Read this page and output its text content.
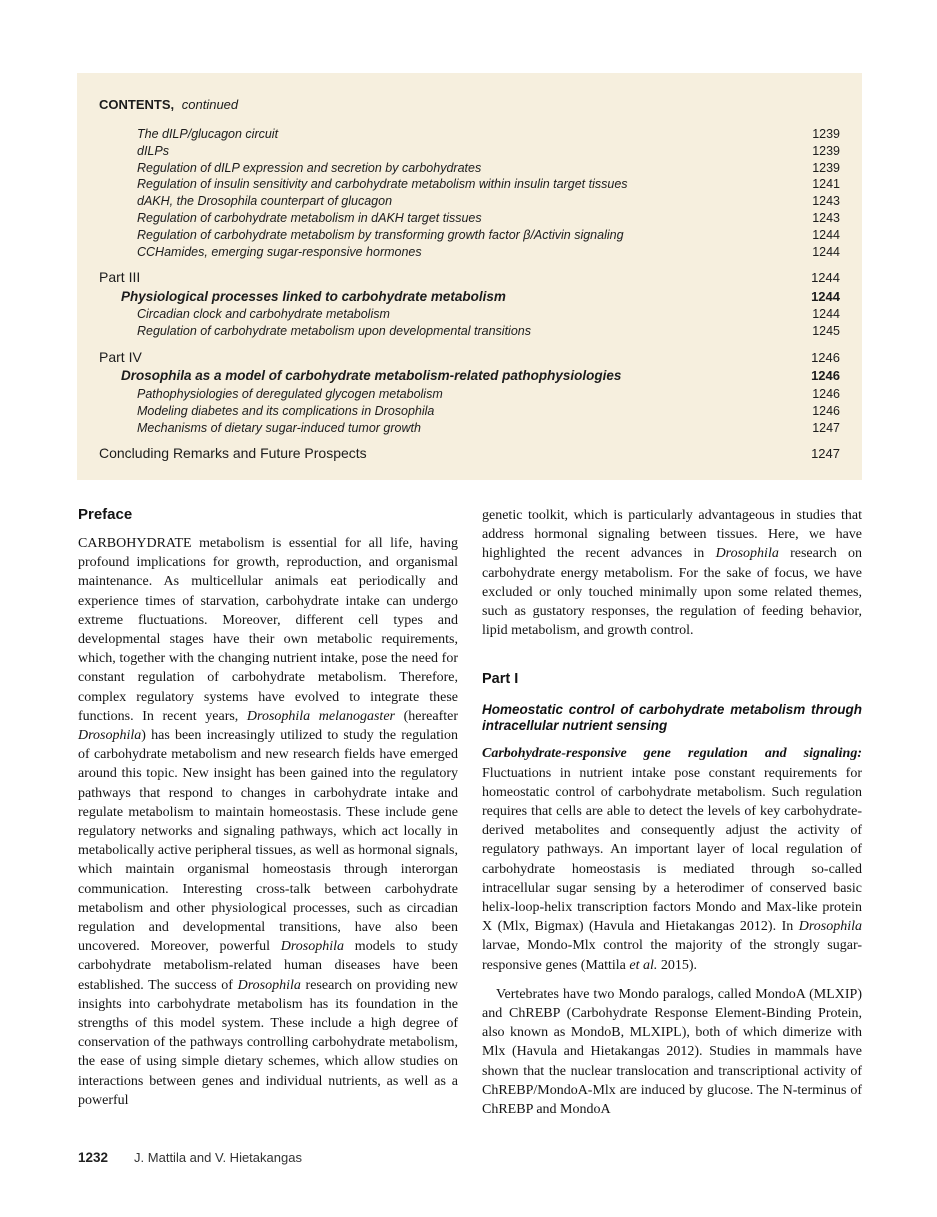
CONTENTS, continued
The dILP/glucagon circuit	1239
dILPs	1239
Regulation of dILP expression and secretion by carbohydrates	1239
Regulation of insulin sensitivity and carbohydrate metabolism within insulin target tissues	1241
dAKH, the Drosophila counterpart of glucagon	1243
Regulation of carbohydrate metabolism in dAKH target tissues	1243
Regulation of carbohydrate metabolism by transforming growth factor β/Activin signaling	1244
CCHamides, emerging sugar-responsive hormones	1244
Part III	1244
Physiological processes linked to carbohydrate metabolism	1244
Circadian clock and carbohydrate metabolism	1244
Regulation of carbohydrate metabolism upon developmental transitions	1245
Part IV	1246
Drosophila as a model of carbohydrate metabolism-related pathophysiologies	1246
Pathophysiologies of deregulated glycogen metabolism	1246
Modeling diabetes and its complications in Drosophila	1246
Mechanisms of dietary sugar-induced tumor growth	1247
Concluding Remarks and Future Prospects	1247
Preface
CARBOHYDRATE metabolism is essential for all life, having profound implications for growth, reproduction, and organismal maintenance. As multicellular animals eat periodically and experience times of starvation, carbohydrate intake can undergo extreme fluctuations. Moreover, different cell types and developmental stages have their own metabolic requirements, which, together with the changing nutrient intake, pose the need for constant regulation of carbohydrate metabolism. Therefore, complex regulatory systems have evolved to integrate these functions. In recent years, Drosophila melanogaster (hereafter Drosophila) has been increasingly utilized to study the regulation of carbohydrate metabolism and new research fields have emerged around this topic. New insight has been gained into the regulatory pathways that respond to changes in carbohydrate intake and regulate metabolism to maintain homeostasis. These include gene regulatory networks and signaling pathways, which act locally in metabolically active peripheral tissues, as well as hormonal signals, which maintain organismal homeostasis through interorgan communication. Interesting cross-talk between carbohydrate metabolism and other physiological processes, such as circadian regulation and developmental transitions, have also been uncovered. Moreover, powerful Drosophila models to study carbohydrate metabolism-related human diseases have been established. The success of Drosophila research on providing new insights into carbohydrate metabolism has its foundation in the strengths of this model system. These include a high degree of conservation of the pathways controlling carbohydrate metabolism, the ease of using simple dietary schemes, which allow studies on interactions between genes and individual nutrients, as well as a powerful
genetic toolkit, which is particularly advantageous in studies that address hormonal signaling between tissues. Here, we have highlighted the recent advances in Drosophila research on carbohydrate energy metabolism. For the sake of focus, we have excluded or only touched minimally upon some related themes, such as gustatory responses, the regulation of feeding behavior, lipid metabolism, and growth control.
Part I
Homeostatic control of carbohydrate metabolism through intracellular nutrient sensing
Carbohydrate-responsive gene regulation and signaling:
Fluctuations in nutrient intake pose constant requirements for homeostatic control of carbohydrate metabolism. Such regulation requires that cells are able to detect the levels of key carbohydrate-derived metabolites and consequently adjust the activity of regulatory pathways. An important layer of local regulation of carbohydrate homeostasis is mediated through so-called intracellular sugar sensing by a heterodimer of conserved basic helix-loop-helix transcription factors Mondo and Max-like protein X (Mlx, Bigmax) (Havula and Hietakangas 2012). In Drosophila larvae, Mondo-Mlx control the majority of the strongly sugar-responsive genes (Mattila et al. 2015).
Vertebrates have two Mondo paralogs, called MondoA (MLXIP) and ChREBP (Carbohydrate Response Element-Binding Protein, also known as MondoB, MLXIPL), both of which dimerize with Mlx (Havula and Hietakangas 2012). Studies in mammals have shown that the nuclear translocation and transcriptional activity of ChREBP/MondoA-Mlx are induced by glucose. The N-terminus of ChREBP and MondoA
1232 J. Mattila and V. Hietakangas
